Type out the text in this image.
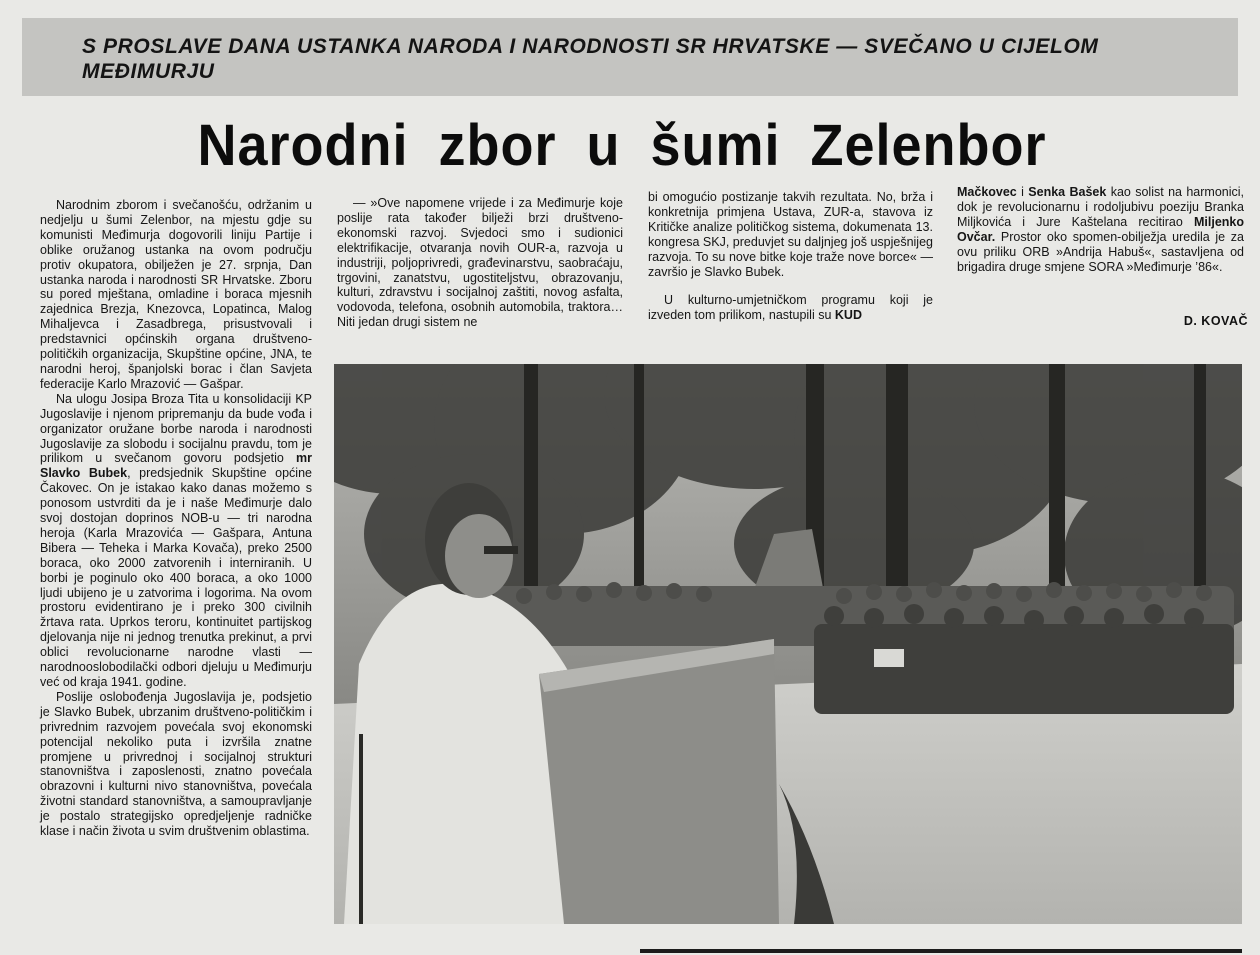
S PROSLAVE DANA USTANKA NARODA I NARODNOSTI SR HRVATSKE — SVEČANO U CIJELOM MEĐIMURJU
Narodni zbor u šumi Zelenbor

Narodnim zborom i svečanošću, održanim u nedjelju u šumi Zelenbor, na mjestu gdje su komunisti Međimurja dogovorili liniju Partije i oblike oružanog ustanka na ovom području protiv okupatora, obilježen je 27. srpnja, Dan ustanka naroda i narodnosti SR Hrvatske. Zboru su pored mještana, omladine i boraca mjesnih zajednica Brezja, Knezovca, Lopatinca, Malog Mihaljevca i Zasadbrega, prisustvovali i predstavnici općinskih organa društveno-političkih organizacija, Skupštine općine, JNA, te narodni heroj, španjolski borac i član Savjeta federacije Karlo Mrazović — Gašpar.

Na ulogu Josipa Broza Tita u konsolidaciji KP Jugoslavije i njenom pripremanju da bude vođa i organizator oružane borbe naroda i narodnosti Jugoslavije za slobodu i socijalnu pravdu, tom je prilikom u svečanom govoru podsjetio mr Slavko Bubek, predsjednik Skupštine općine Čakovec. On je istakao kako danas možemo s ponosom ustvrditi da je i naše Međimurje dalo svoj dostojan doprinos NOB-u — tri narodna heroja (Karla Mrazovića — Gašpara, Antuna Bibera — Teheka i Marka Kovača), preko 2500 boraca, oko 2000 zatvorenih i interniranih. U borbi je poginulo oko 400 boraca, a oko 1000 ljudi ubijeno je u zatvorima i logorima. Na ovom prostoru evidentirano je i preko 300 civilnih žrtava rata. Uprkos teroru, kontinuitet partijskog djelovanja nije ni jednog trenutka prekinut, a prvi oblici revolucionarne narodne vlasti — narodnooslobodilački odbori djeluju u Međimurju već od kraja 1941. godine.

Poslije oslobođenja Jugoslavija je, podsjetio je Slavko Bubek, ubrzanim društveno-političkim i privrednim razvojem povećala svoj ekonomski potencijal nekoliko puta i izvršila znatne promjene u privrednoj i socijalnoj strukturi stanovništva i zaposlenosti, znatno povećala obrazovni i kulturni nivo stanovništva, povećala životni standard stanovništva, a samoupravljanje je postalo strategijsko opredjeljenje radničke klase i način života u svim društvenim oblastima.

— »Ove napomene vrijede i za Međimurje koje poslije rata također bilježi brzi društveno-ekonomski razvoj. Svjedoci smo i sudionici elektrifikacije, otvaranja novih OUR-a, razvoja u industriji, poljoprivredi, građevinarstvu, saobraćaju, trgovini, zanatstvu, ugostiteljstvu, obrazovanju, kulturi, zdravstvu i socijalnoj zaštiti, novog asfalta, vodovoda, telefona, osobnih automobila, traktora… Niti jedan drugi sistem ne

bi omogućio postizanje takvih rezultata. No, brža i konkretnija primjena Ustava, ZUR-a, stavova iz Kritičke analize političkog sistema, dokumenata 13. kongresa SKJ, preduvjet su daljnjeg još uspješnijeg razvoja. To su nove bitke koje traže nove borce« — završio je Slavko Bubek.

U kulturno-umjetničkom programu koji je izveden tom prilikom, nastupili su KUD

Mačkovec i Senka Bašek kao solist na harmonici, dok je revolucionarnu i rodoljubivu poeziju Branka Miljkovića i Jure Kaštelana recitirao Miljenko Ovčar. Prostor oko spomen-obilježja uredila je za ovu priliku ORB »Andrija Habuš«, sastavljena od brigadira druge smjene SORA »Međimurje ’86«.

D. KOVAČ
